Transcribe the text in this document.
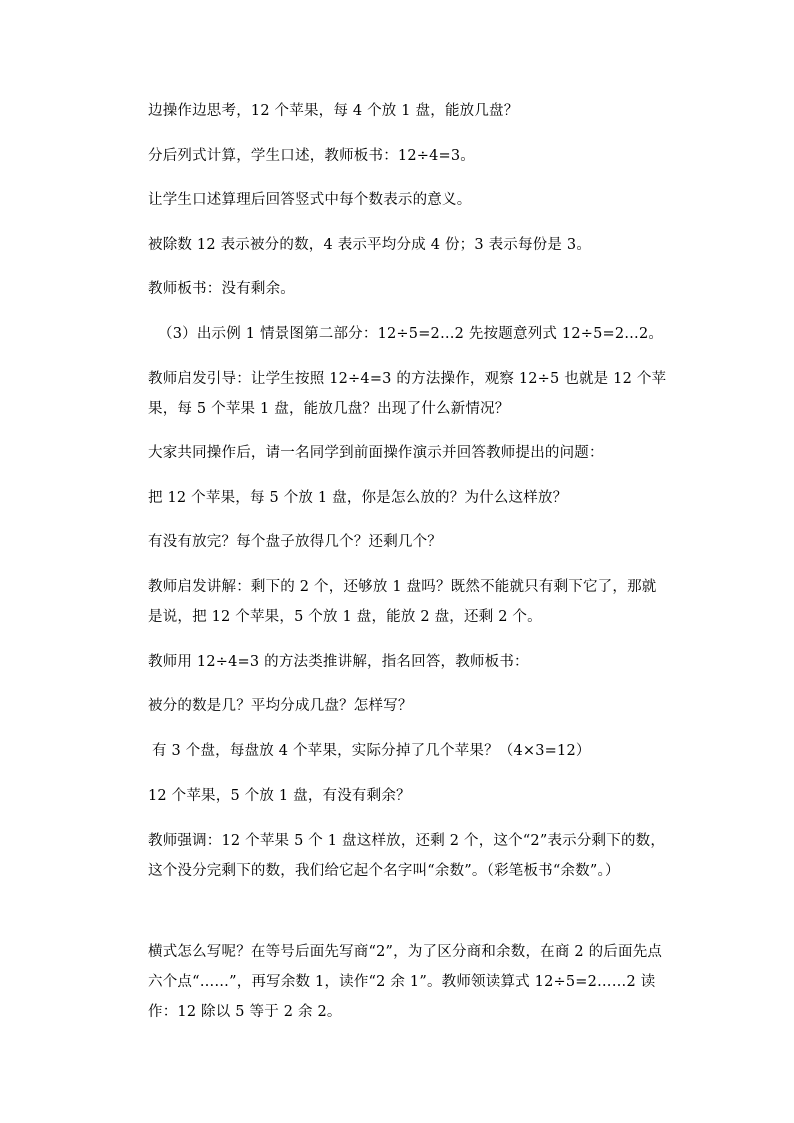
边操作边思考，12 个苹果，每 4 个放 1 盘，能放几盘？
分后列式计算，学生口述，教师板书：12÷4=3。
让学生口述算理后回答竖式中每个数表示的意义。
被除数 12 表示被分的数，4 表示平均分成 4 份；3 表示每份是 3。
教师板书：没有剩余。
（3）出示例 1 情景图第二部分：12÷5=2…2 先按题意列式 12÷5=2…2。
教师启发引导：让学生按照 12÷4=3 的方法操作，观察 12÷5 也就是 12 个苹果，每 5 个苹果 1 盘，能放几盘？出现了什么新情况？
大家共同操作后，请一名同学到前面操作演示并回答教师提出的问题：
把 12 个苹果，每 5 个放 1 盘，你是怎么放的？为什么这样放？
有没有放完？每个盘子放得几个？还剩几个？
教师启发讲解：剩下的 2 个，还够放 1 盘吗？既然不能就只有剩下它了，那就是说，把 12 个苹果，5 个放 1 盘，能放 2 盘，还剩 2 个。
教师用 12÷4=3 的方法类推讲解，指名回答，教师板书：
被分的数是几？平均分成几盘？怎样写？
有 3 个盘，每盘放 4 个苹果，实际分掉了几个苹果？（4×3=12）
12 个苹果，5 个放 1 盘，有没有剩余？
教师强调：12 个苹果 5 个 1 盘这样放，还剩 2 个，这个“2”表示分剩下的数，这个没分完剩下的数，我们给它起个名字叫“余数”。（彩笔板书“余数”。）
横式怎么写呢？在等号后面先写商“2”，为了区分商和余数，在商 2 的后面先点六个点“……”，再写余数 1，读作“2 余 1”。教师领读算式 12÷5=2……2 读作：12 除以 5 等于 2 余 2。
